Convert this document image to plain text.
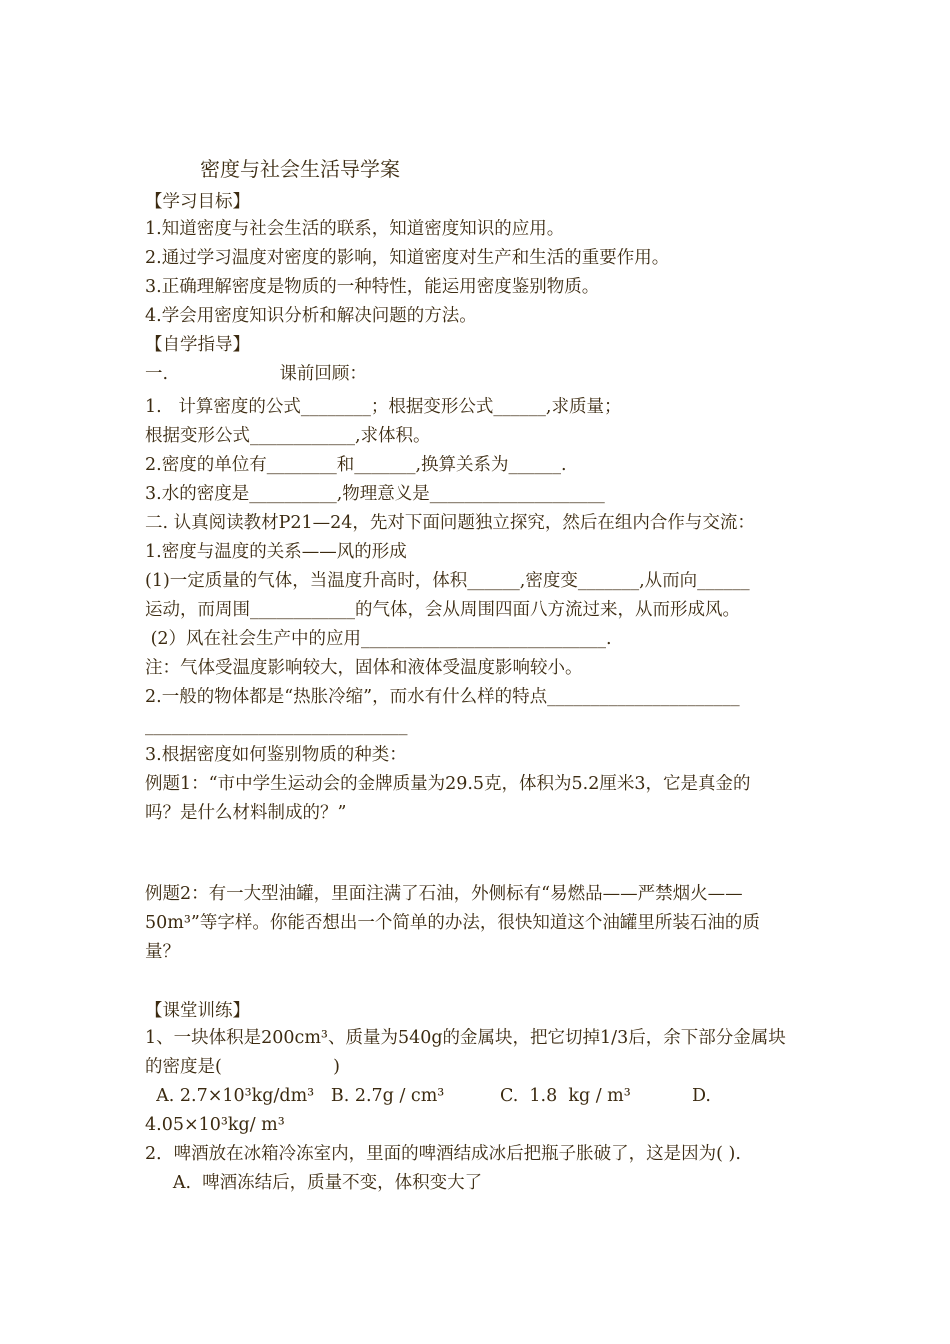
密度与社会生活导学案
【学习目标】
1.知道密度与社会生活的联系，知道密度知识的应用。
2.通过学习温度对密度的影响，知道密度对生产和生活的重要作用。
3.正确理解密度是物质的一种特性，能运用密度鉴别物质。
4.学会用密度知识分析和解决问题的方法。
【自学指导】
一.                    课前回顾：
1.   计算密度的公式________；根据变形公式______,求质量；
根据变形公式____________,求体积。
2.密度的单位有________和_______,换算关系为______.
3.水的密度是__________,物理意义是____________________
二. 认真阅读教材P21—24，先对下面问题独立探究，然后在组内合作与交流：
1.密度与温度的关系——风的形成
(1)一定质量的气体，当温度升高时，体积______,密度变_______,从而向______
运动，而周围____________的气体，会从周围四面八方流过来，从而形成风。
(2）风在社会生产中的应用____________________________.
注：气体受温度影响较大，固体和液体受温度影响较小。
2.一般的物体都是“热胀冷缩”，而水有什么样的特点______________________
______________________________
3.根据密度如何鉴别物质的种类：
例题1：“市中学生运动会的金牌质量为29.5克，体积为5.2厘米3，它是真金的
吗？是什么材料制成的？”
例题2：有一大型油罐，里面注满了石油，外侧标有“易燃品——严禁烟火——
50m³”等字样。你能否想出一个简单的办法，很快知道这个油罐里所装石油的质
量？
【课堂训练】
1、一块体积是200cm³、质量为540g的金属块，把它切掉1/3后，余下部分金属块
的密度是(                    )
A. 2.7×10³kg/dm³   B. 2.7g / cm³          C.  1.8  kg / m³           D.
4.05×10³kg/ m³
2．啤酒放在冰箱冷冻室内，里面的啤酒结成冰后把瓶子胀破了，这是因为( ).
A.  啤酒冻结后，质量不变，体积变大了
